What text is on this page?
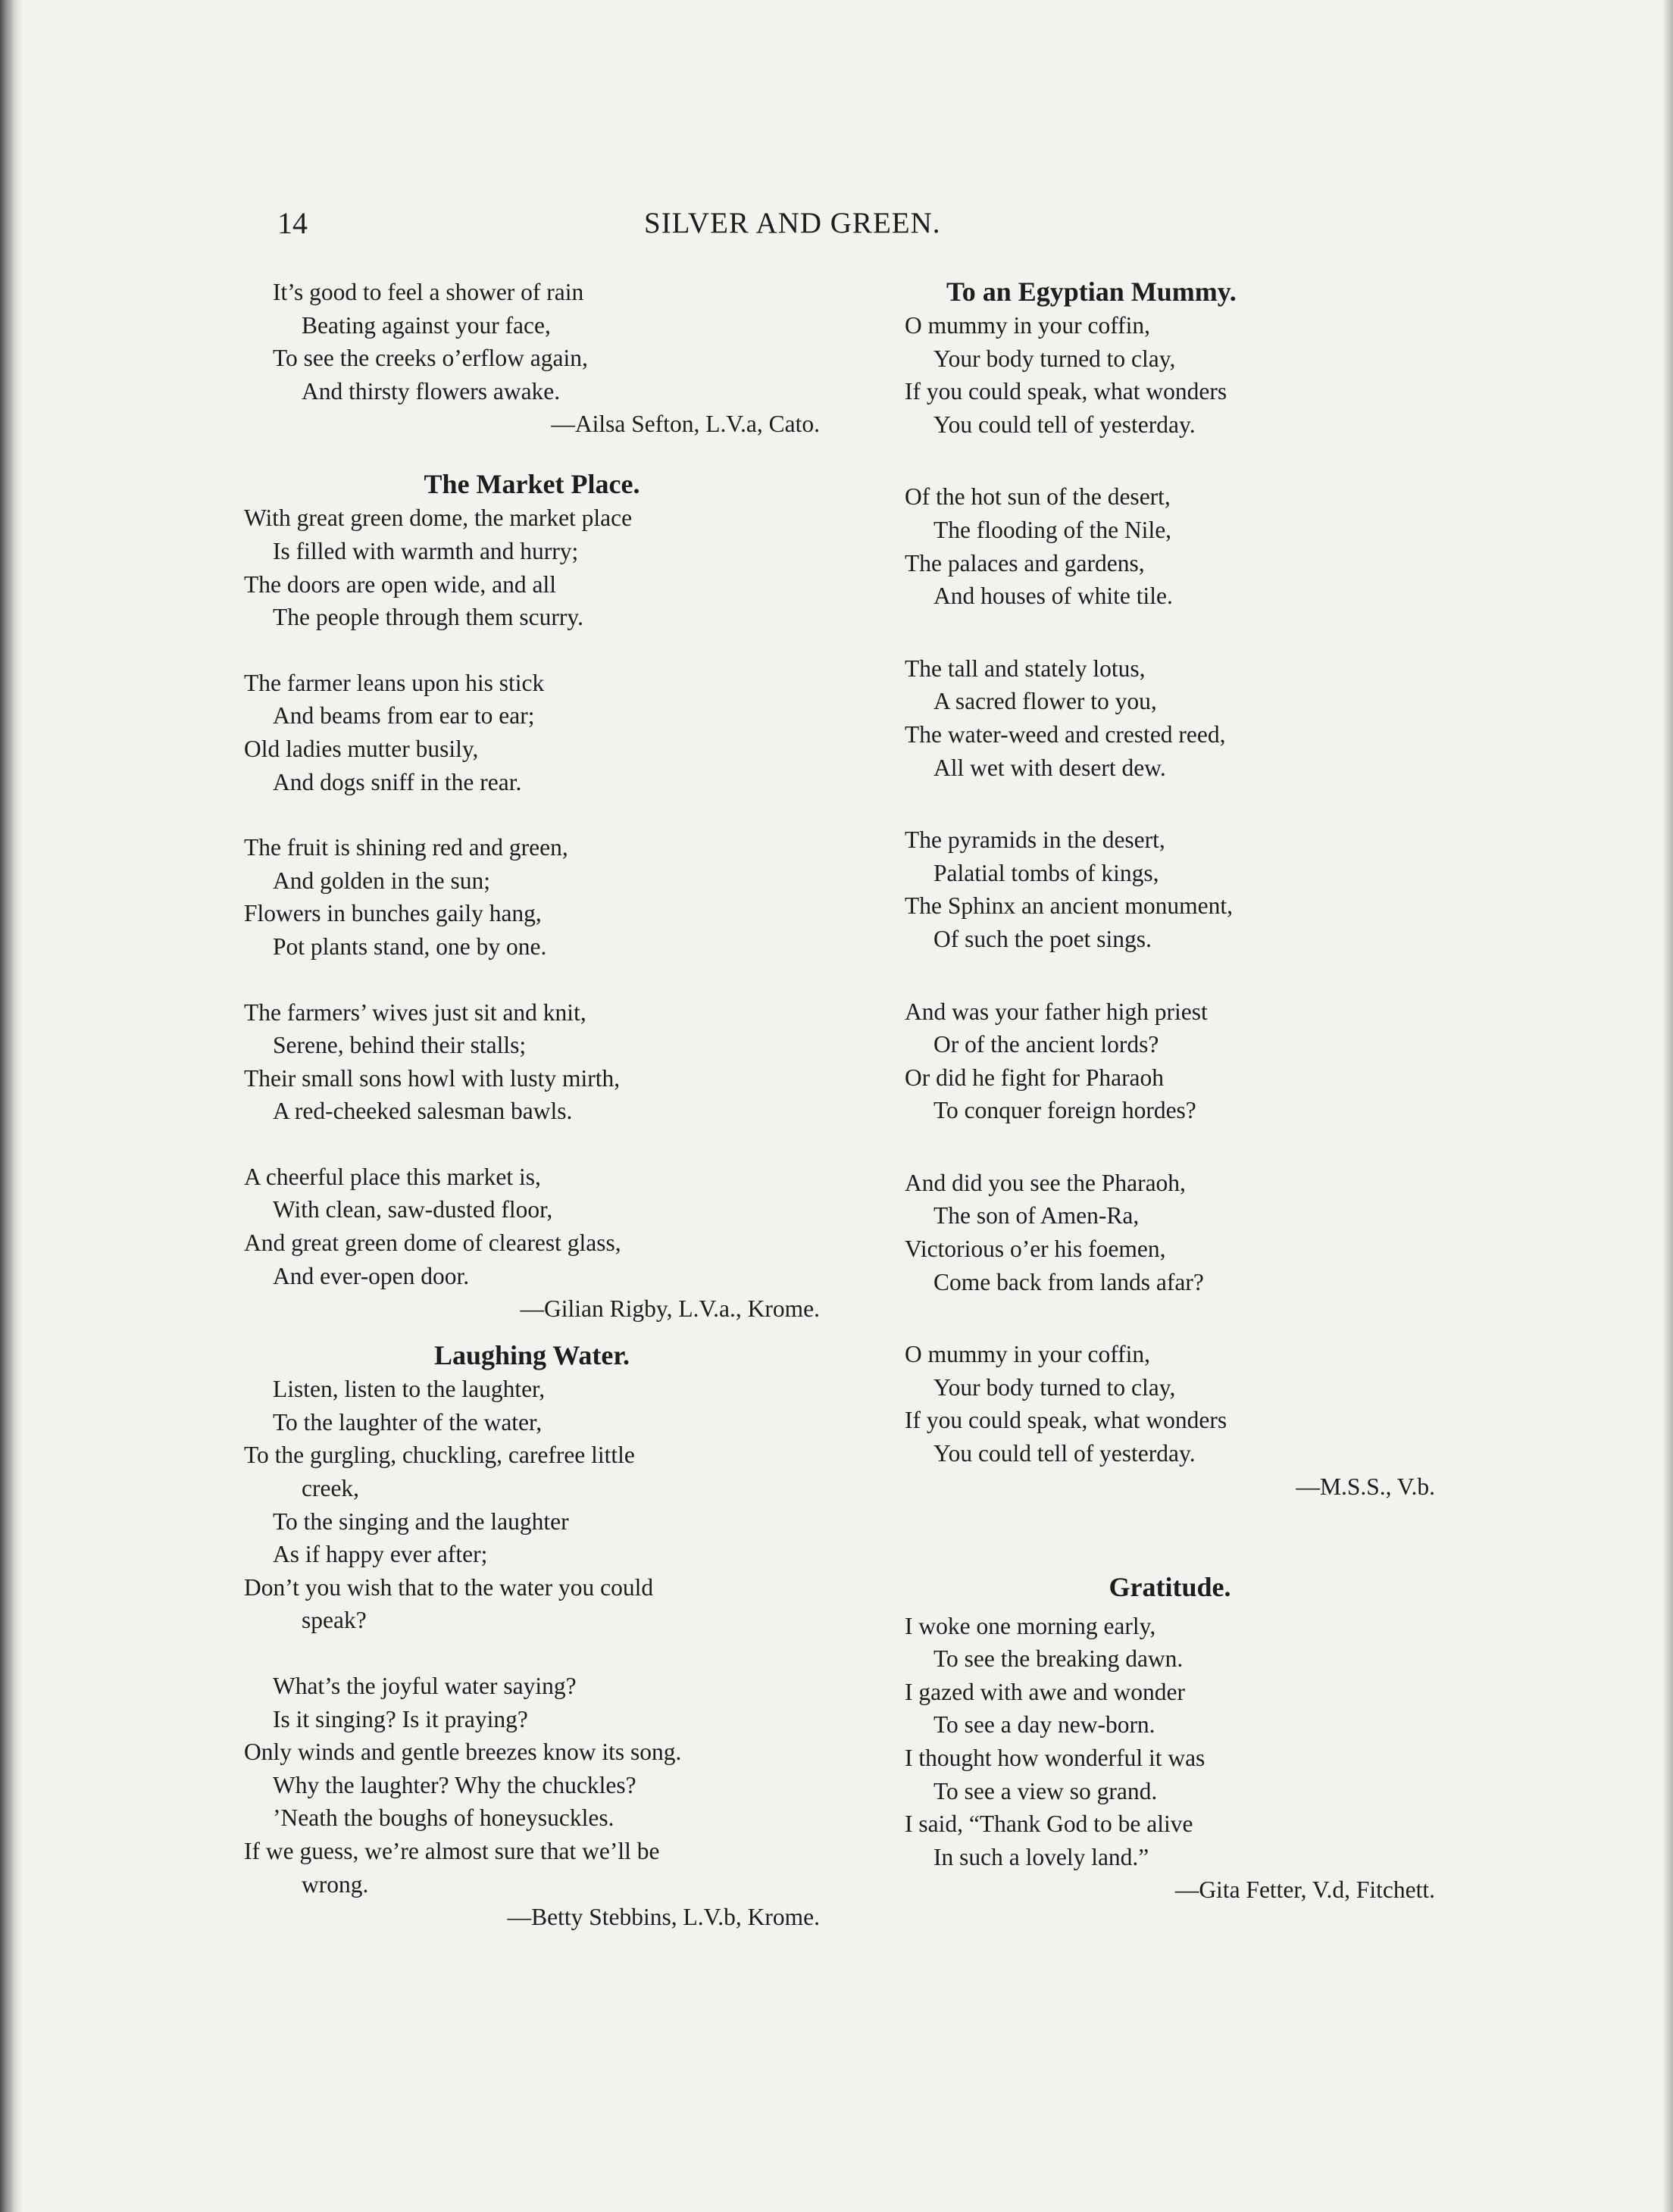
14	SILVER AND GREEN.
It’s good to feel a shower of rain
Beating against your face,
To see the creeks o’erflow again,
And thirsty flowers awake.
—Ailsa Sefton, L.V.a, Cato.
The Market Place.
With great green dome, the market place
Is filled with warmth and hurry;
The doors are open wide, and all
The people through them scurry.
The farmer leans upon his stick
And beams from ear to ear;
Old ladies mutter busily,
And dogs sniff in the rear.
The fruit is shining red and green,
And golden in the sun;
Flowers in bunches gaily hang,
Pot plants stand, one by one.
The farmers’ wives just sit and knit,
Serene, behind their stalls;
Their small sons howl with lusty mirth,
A red-cheeked salesman bawls.
A cheerful place this market is,
With clean, saw-dusted floor,
And great green dome of clearest glass,
And ever-open door.
—Gilian Rigby, L.V.a., Krome.
Laughing Water.
Listen, listen to the laughter,
To the laughter of the water,
To the gurgling, chuckling, carefree little
creek,
To the singing and the laughter
As if happy ever after;
Don’t you wish that to the water you could
speak?
What’s the joyful water saying?
Is it singing? Is it praying?
Only winds and gentle breezes know its song.
Why the laughter? Why the chuckles?
’Neath the boughs of honeysuckles.
If we guess, we’re almost sure that we’ll be
wrong.
—Betty Stebbins, L.V.b, Krome.
To an Egyptian Mummy.
O mummy in your coffin,
Your body turned to clay,
If you could speak, what wonders
You could tell of yesterday.
Of the hot sun of the desert,
The flooding of the Nile,
The palaces and gardens,
And houses of white tile.
The tall and stately lotus,
A sacred flower to you,
The water-weed and crested reed,
All wet with desert dew.
The pyramids in the desert,
Palatial tombs of kings,
The Sphinx an ancient monument,
Of such the poet sings.
And was your father high priest
Or of the ancient lords?
Or did he fight for Pharaoh
To conquer foreign hordes?
And did you see the Pharaoh,
The son of Amen-Ra,
Victorious o’er his foemen,
Come back from lands afar?
O mummy in your coffin,
Your body turned to clay,
If you could speak, what wonders
You could tell of yesterday.
—M.S.S., V.b.
Gratitude.
I woke one morning early,
To see the breaking dawn.
I gazed with awe and wonder
To see a day new-born.
I thought how wonderful it was
To see a view so grand.
I said, “Thank God to be alive
In such a lovely land.”
—Gita Fetter, V.d, Fitchett.
